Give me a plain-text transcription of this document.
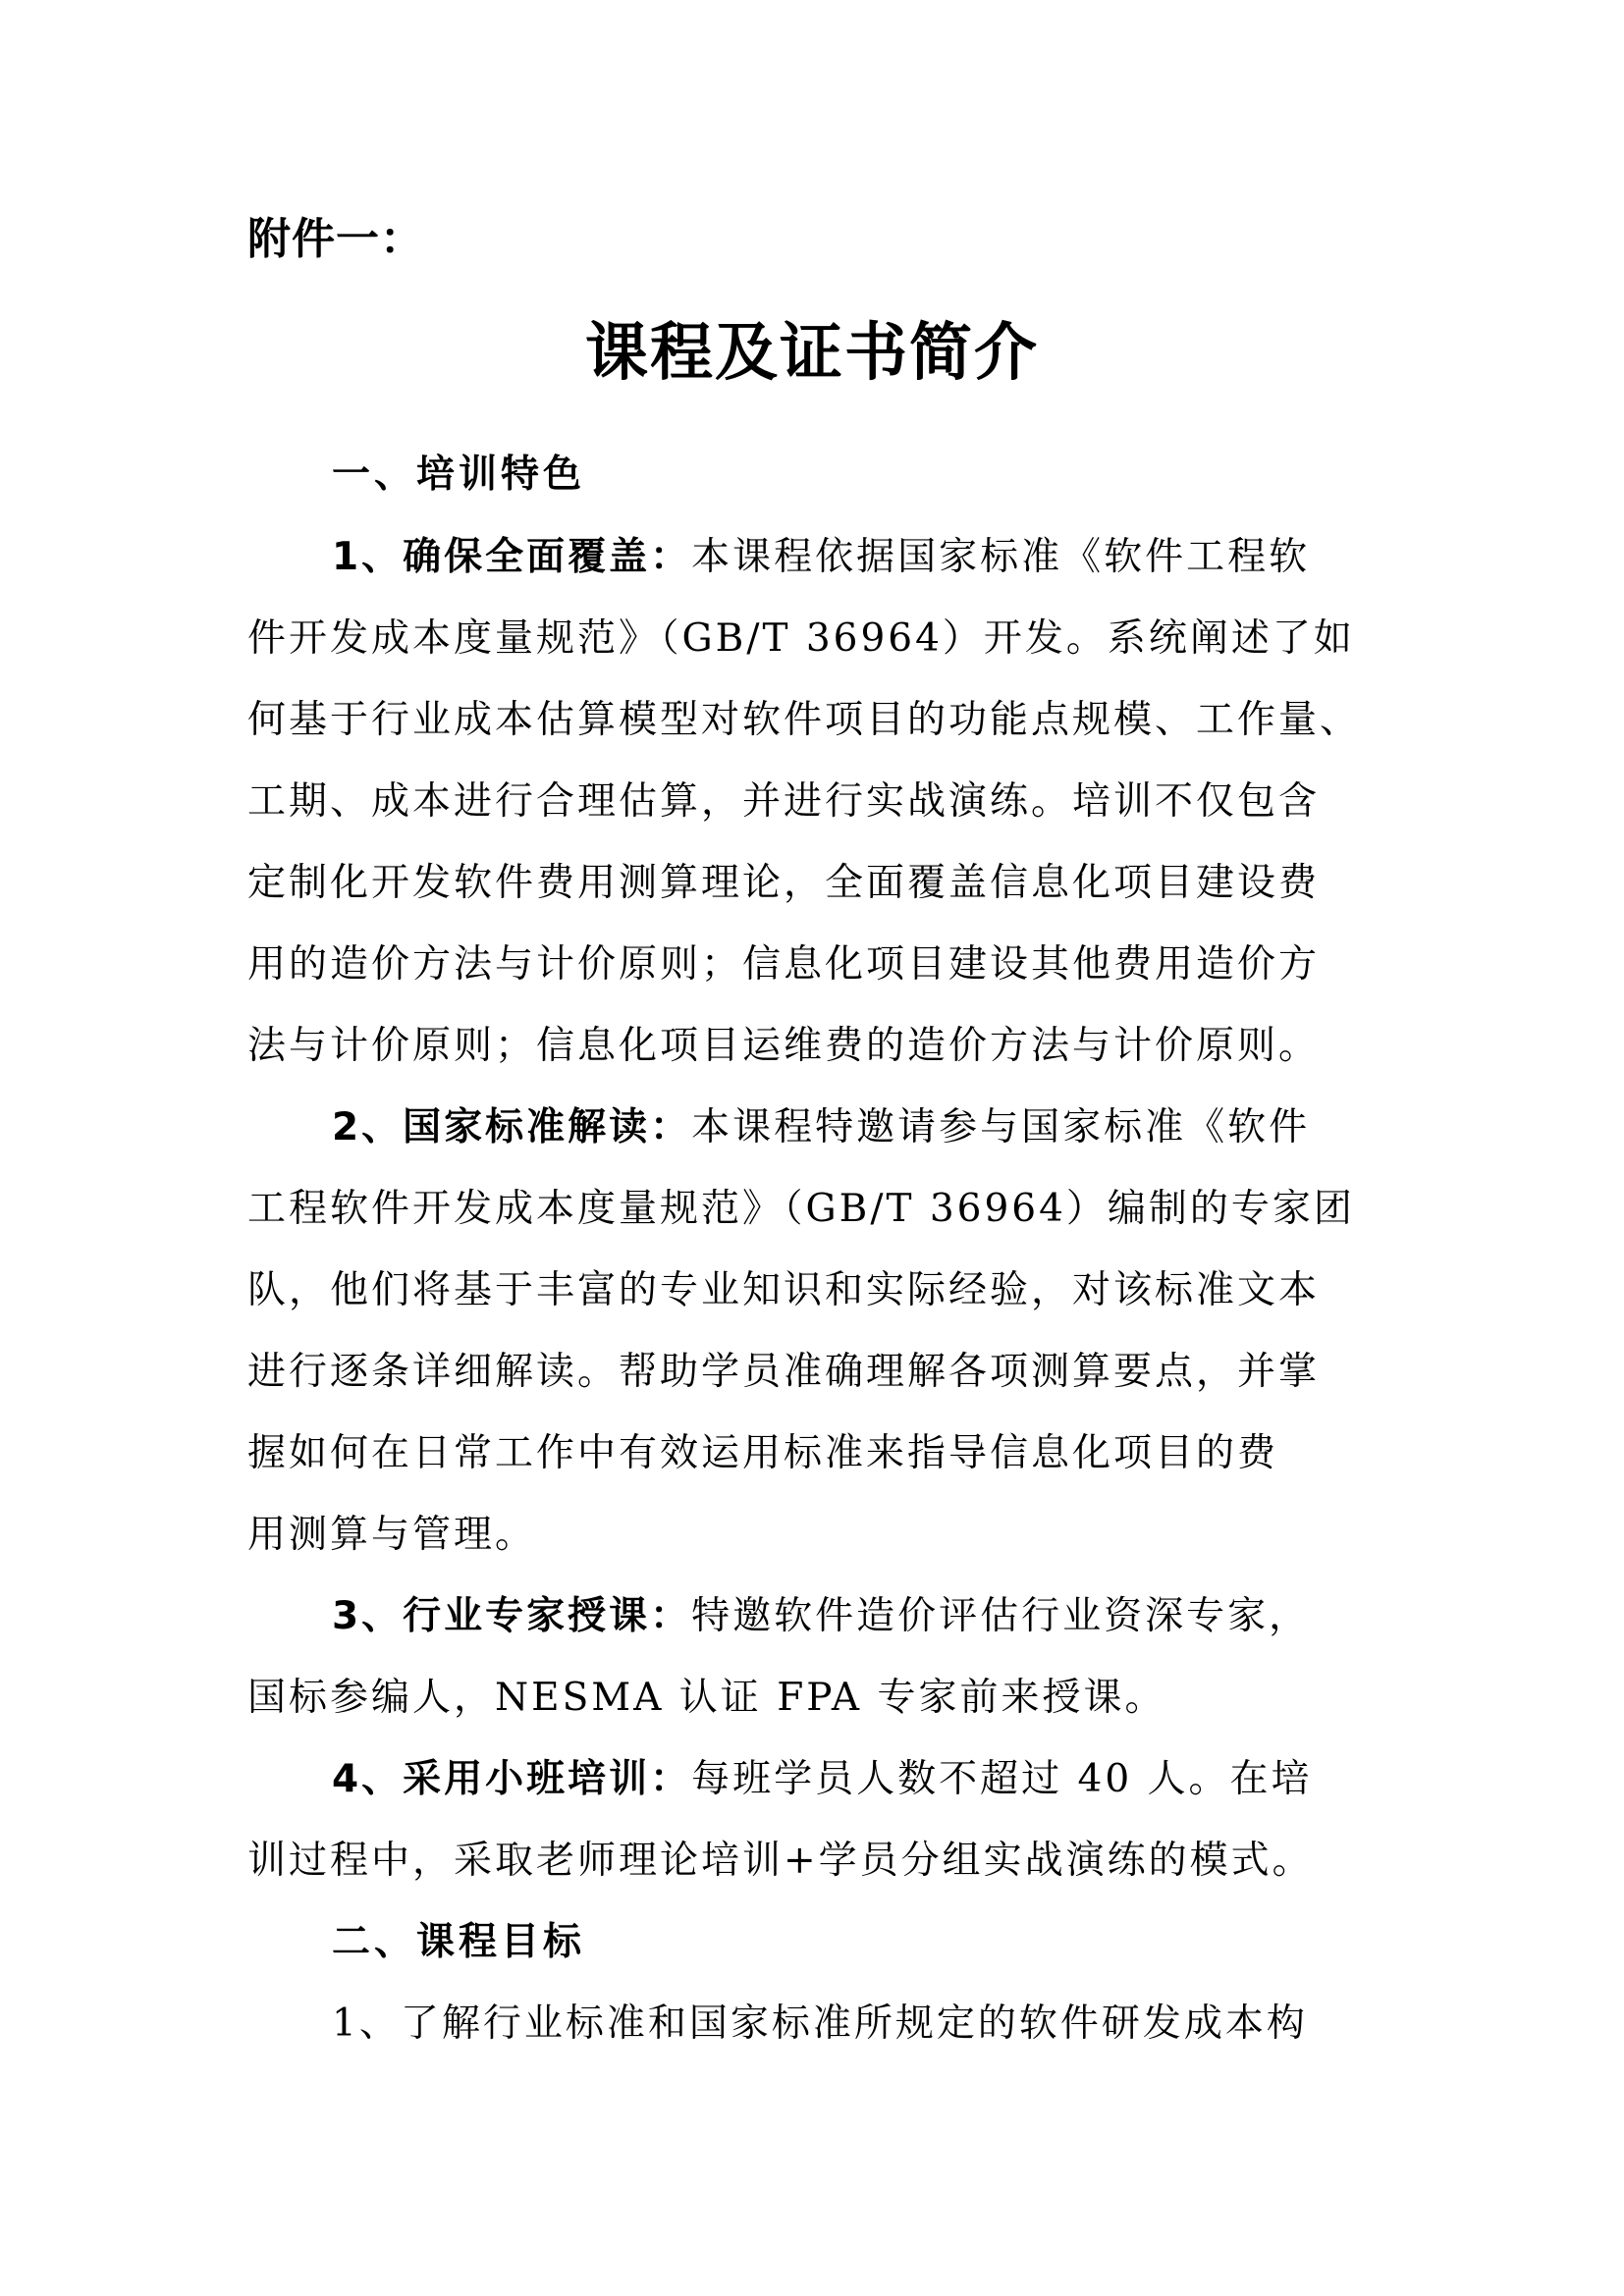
附件一：
课程及证书简介
一、培训特色
1、确保全面覆盖：本课程依据国家标准《软件工程软
件开发成本度量规范》（GB/T 36964）开发。系统阐述了如
何基于行业成本估算模型对软件项目的功能点规模、工作量、
工期、成本进行合理估算，并进行实战演练。培训不仅包含
定制化开发软件费用测算理论，全面覆盖信息化项目建设费
用的造价方法与计价原则；信息化项目建设其他费用造价方
法与计价原则；信息化项目运维费的造价方法与计价原则。
2、国家标准解读：本课程特邀请参与国家标准《软件
工程软件开发成本度量规范》（GB/T 36964）编制的专家团
队，他们将基于丰富的专业知识和实际经验，对该标准文本
进行逐条详细解读。帮助学员准确理解各项测算要点，并掌
握如何在日常工作中有效运用标准来指导信息化项目的费
用测算与管理。
3、行业专家授课：特邀软件造价评估行业资深专家，
国标参编人，NESMA 认证 FPA 专家前来授课。
4、采用小班培训：每班学员人数不超过 40 人。在培
训过程中，采取老师理论培训+学员分组实战演练的模式。
二、课程目标
1、了解行业标准和国家标准所规定的软件研发成本构
